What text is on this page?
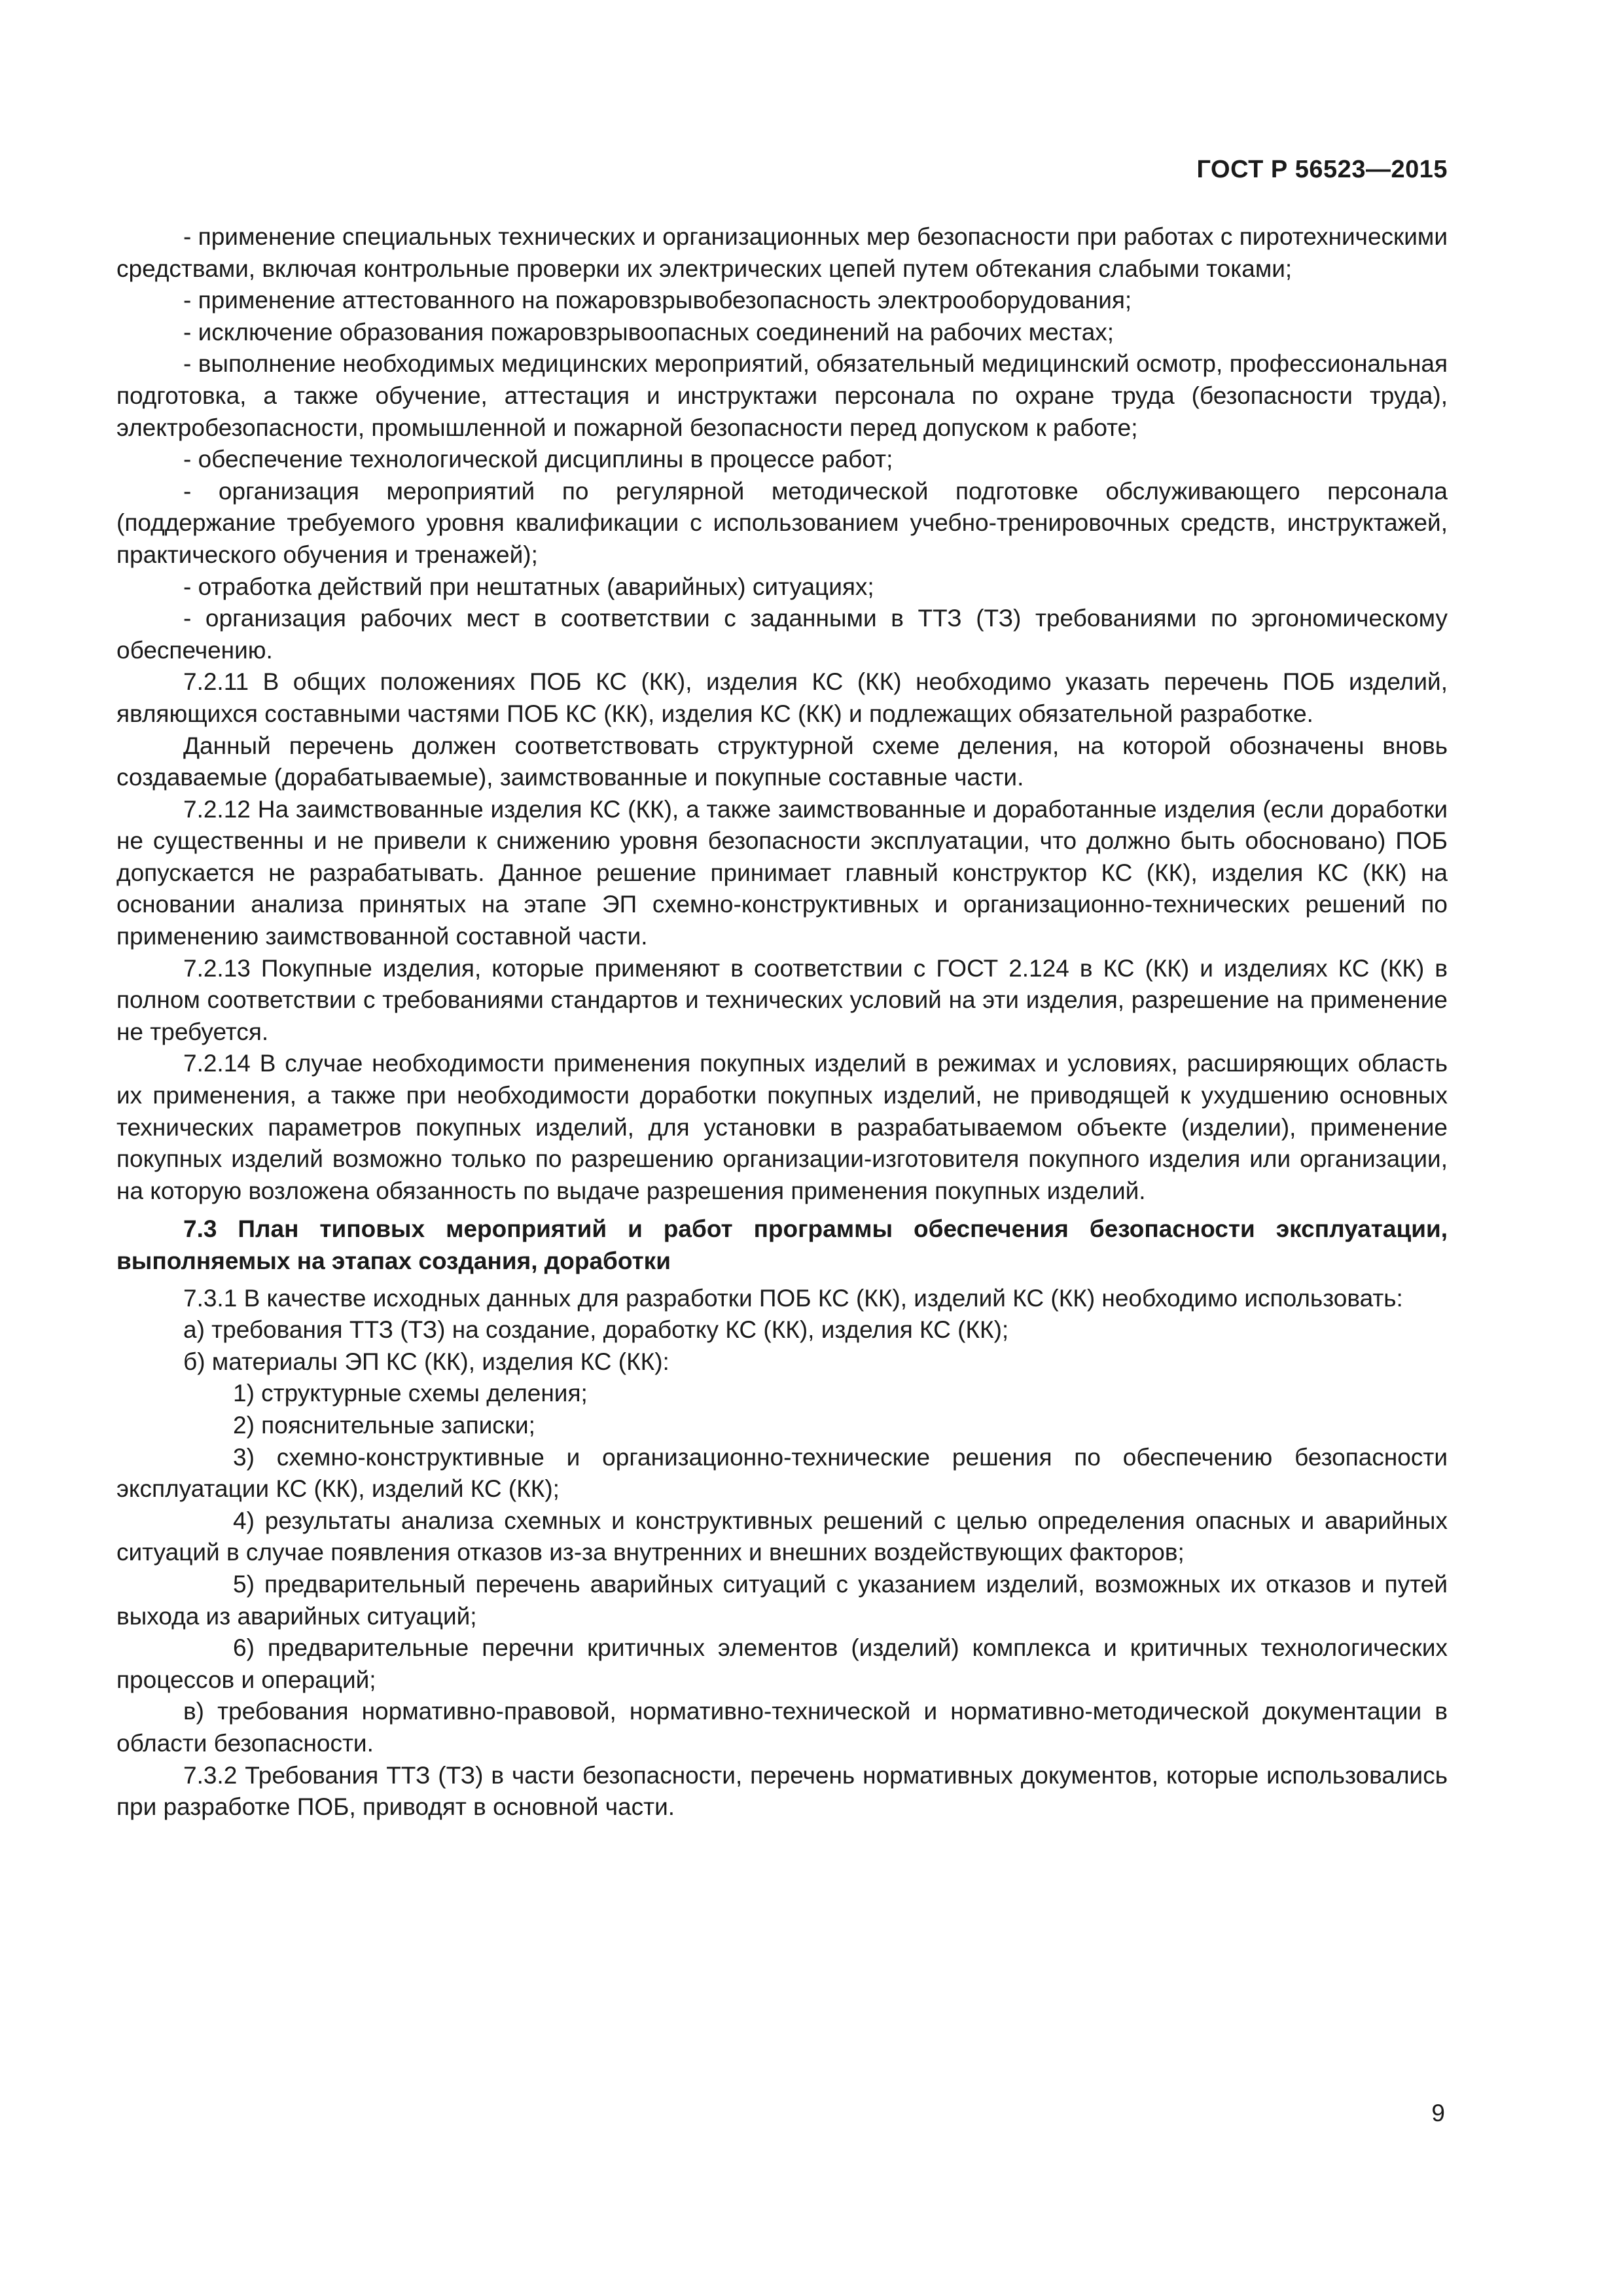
ГОСТ Р 56523—2015

- применение специальных технических и организационных мер безопасности при работах с пиротехническими средствами, включая контрольные проверки их электрических цепей путем обтекания слабыми токами;

- применение аттестованного на пожаровзрывобезопасность электрооборудования;

- исключение образования пожаровзрывоопасных соединений на рабочих местах;

- выполнение необходимых медицинских мероприятий, обязательный медицинский осмотр, профессиональная подготовка, а также обучение, аттестация и инструктажи персонала по охране труда (безопасности труда), электробезопасности, промышленной и пожарной безопасности перед допуском к работе;

- обеспечение технологической дисциплины в процессе работ;

- организация мероприятий по регулярной методической подготовке обслуживающего персонала (поддержание требуемого уровня квалификации с использованием учебно-тренировочных средств, инструктажей, практического обучения и тренажей);

- отработка действий при нештатных (аварийных) ситуациях;

- организация рабочих мест в соответствии с заданными в ТТЗ (ТЗ) требованиями по эргономическому обеспечению.

7.2.11 В общих положениях ПОБ КС (КК), изделия КС (КК) необходимо указать перечень ПОБ изделий, являющихся составными частями ПОБ КС (КК), изделия КС (КК) и подлежащих обязательной разработке.

Данный перечень должен соответствовать структурной схеме деления, на которой обозначены вновь создаваемые (дорабатываемые), заимствованные и покупные составные части.

7.2.12 На заимствованные изделия КС (КК), а также заимствованные и доработанные изделия (если доработки не существенны и не привели к снижению уровня безопасности эксплуатации, что должно быть обосновано) ПОБ допускается не разрабатывать. Данное решение принимает главный конструктор КС (КК), изделия КС (КК) на основании анализа принятых на этапе ЭП схемно-конструктивных и организационно-технических решений по применению заимствованной составной части.

7.2.13 Покупные изделия, которые применяют в соответствии с ГОСТ 2.124 в КС (КК) и изделиях КС (КК) в полном соответствии с требованиями стандартов и технических условий на эти изделия, разрешение на применение не требуется.

7.2.14 В случае необходимости применения покупных изделий в режимах и условиях, расширяющих область их применения, а также при необходимости доработки покупных изделий, не приводящей к ухудшению основных технических параметров покупных изделий, для установки в разрабатываемом объекте (изделии), применение покупных изделий возможно только по разрешению организации-изготовителя покупного изделия или организации, на которую возложена обязанность по выдаче разрешения применения покупных изделий.

7.3 План типовых мероприятий и работ программы обеспечения безопасности эксплуатации, выполняемых на этапах создания, доработки

7.3.1 В качестве исходных данных для разработки ПОБ КС (КК), изделий КС (КК) необходимо использовать:

а) требования ТТЗ (ТЗ) на создание, доработку КС (КК), изделия КС (КК);

б) материалы ЭП КС (КК), изделия КС (КК):

1) структурные схемы деления;

2) пояснительные записки;

3) схемно-конструктивные и организационно-технические решения по обеспечению безопасности эксплуатации КС (КК), изделий КС (КК);

4) результаты анализа схемных и конструктивных решений с целью определения опасных и аварийных ситуаций в случае появления отказов из-за внутренних и внешних воздействующих факторов;

5) предварительный перечень аварийных ситуаций с указанием изделий, возможных их отказов и путей выхода из аварийных ситуаций;

6) предварительные перечни критичных элементов (изделий) комплекса и критичных технологических процессов и операций;

в) требования нормативно-правовой, нормативно-технической и нормативно-методической документации в области безопасности.

7.3.2 Требования ТТЗ (ТЗ) в части безопасности, перечень нормативных документов, которые использовались при разработке ПОБ, приводят в основной части.

9
